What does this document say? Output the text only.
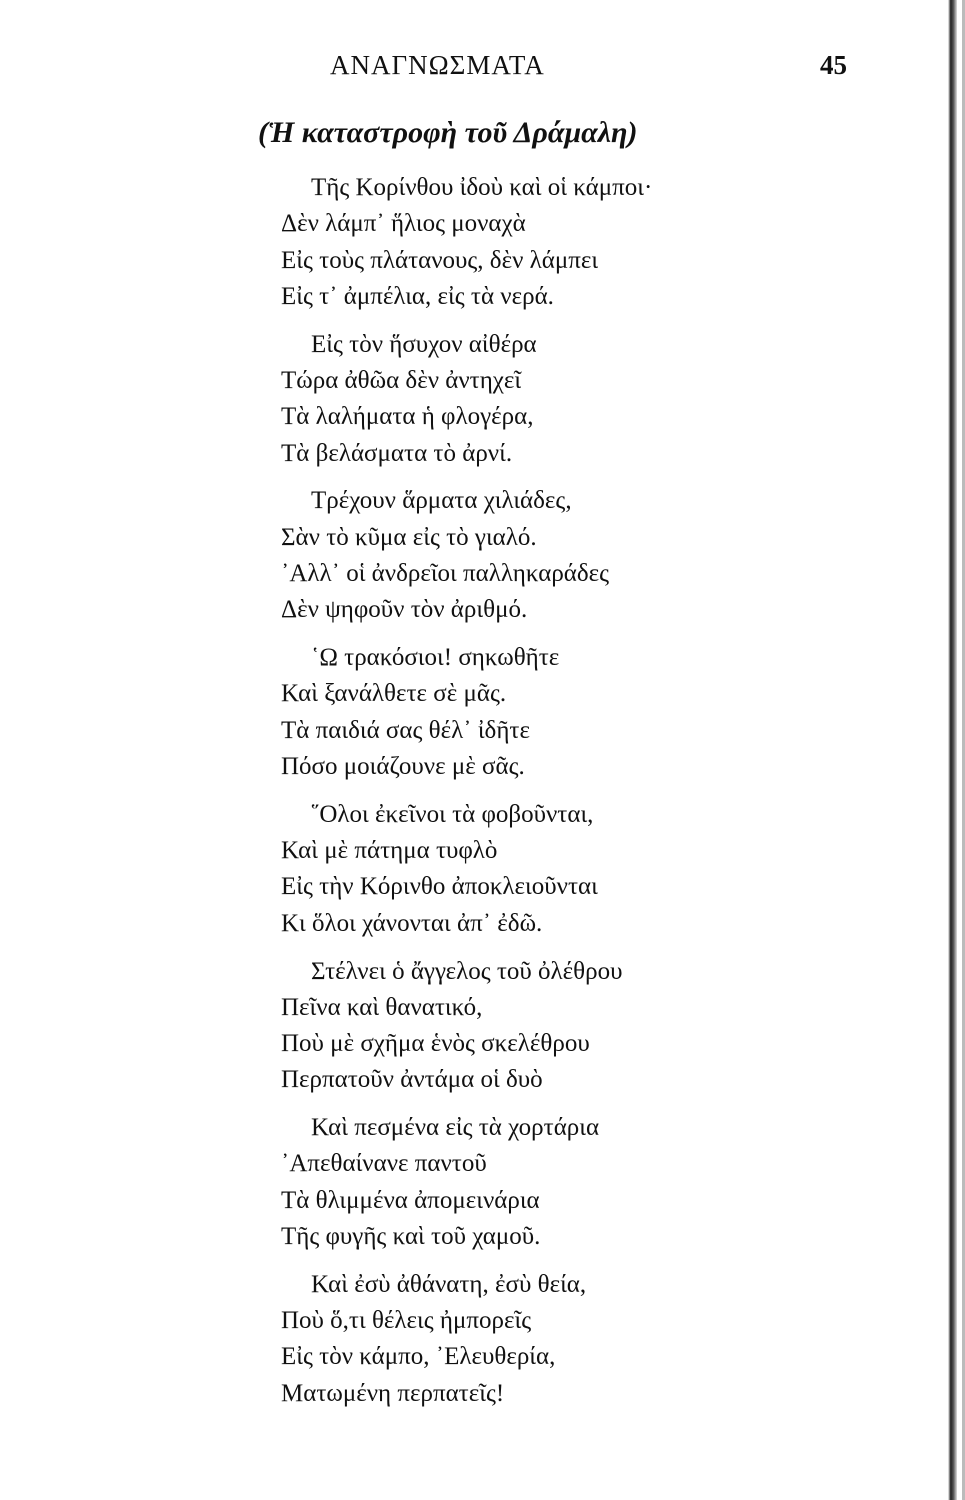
ΑΝΑΓΝΩΣΜΑΤΑ	45
(Ἡ καταστροφὴ τοῦ Δράμαλη)
Τῆς Κορίνθου ἰδοὺ καὶ οἱ κάμποι·
Δὲν λάμπ᾽ ἥλιος μοναχὰ
Εἰς τοὺς πλάτανους, δὲν λάμπει
Εἰς τ᾽ ἀμπέλια, εἰς τὰ νερά.
Εἰς τὸν ἥσυχον αἰθέρα
Τώρα ἀθῶα δὲν ἀντηχεῖ
Τὰ λαλήματα ἡ φλογέρα,
Τὰ βελάσματα τὸ ἀρνί.
Τρέχουν ἅρματα χιλιάδες,
Σὰν τὸ κῦμα εἰς τὸ γιαλό.
᾽Αλλ᾽ οἱ ἀνδρεῖοι παλληκαράδες
Δὲν ψηφοῦν τὸν ἀριθμό.
῾Ω τρακόσιοι! σηκωθῆτε
Καὶ ξανάλθετε σὲ μᾶς.
Τὰ παιδιά σας θέλ᾽ ἰδῆτε
Πόσο μοιάζουνε μὲ σᾶς.
῞Ολοι ἐκεῖνοι τὰ φοβοῦνται,
Καὶ μὲ πάτημα τυφλὸ
Εἰς τὴν Κόρινθο ἀποκλειοῦνται
Κι ὅλοι χάνονται ἀπ᾽ ἐδῶ.
Στέλνει ὁ ἄγγελος τοῦ ὀλέθρου
Πεῖνα καὶ θανατικό,
Ποὺ μὲ σχῆμα ἑνὸς σκελέθρου
Περπατοῦν ἀντάμα οἱ δυὸ
Καὶ πεσμένα εἰς τὰ χορτάρια
᾽Απεθαίνανε παντοῦ
Τὰ θλιμμένα ἀπομεινάρια
Τῆς φυγῆς καὶ τοῦ χαμοῦ.
Καὶ ἐσὺ ἀθάνατη, ἐσὺ θεία,
Ποὺ ὅ,τι θέλεις ἠμπορεῖς
Εἰς τὸν κάμπο, ᾽Ελευθερία,
Ματωμένη περπατεῖς!
